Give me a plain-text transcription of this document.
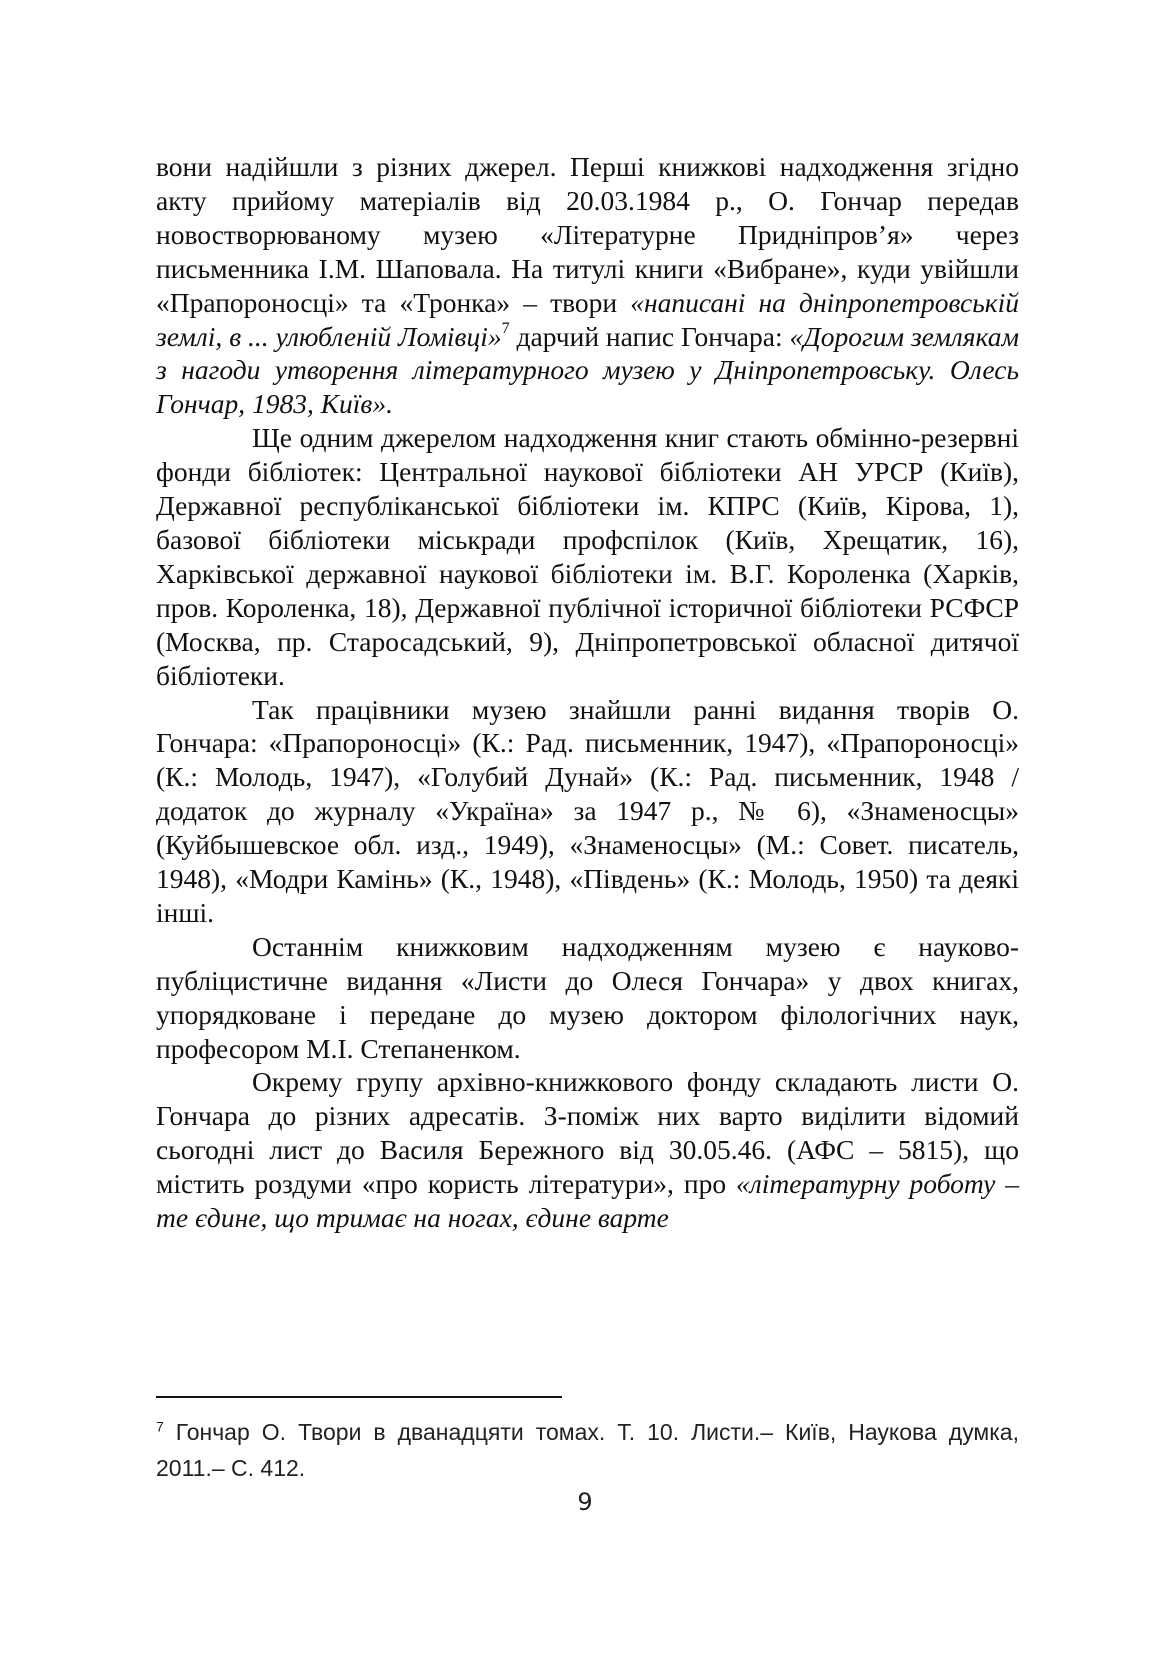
вони надійшли з різних джерел. Перші книжкові надходження згідно акту прийому матеріалів від 20.03.1984 р., О. Гончар передав новостворюваному музею «Літературне Придніпров’я» через письменника І.М. Шаповала. На титулі книги «Вибране», куди увійшли «Прапороносці» та «Тронка» – твори «написані на дніпропетровській землі, в ... улюбленій Ломівці»$^7$ дарчий напис Гончара: «Дорогим землякам з нагоди утворення літературного музею у Дніпропетровську. Олесь Гончар, 1983, Київ».

Ще одним джерелом надходження книг стають обмінно-резервні фонди бібліотек: Центральної наукової бібліотеки АН УРСР (Київ), Державної республіканської бібліотеки ім. КПРС (Київ, Кірова, 1), базової бібліотеки міськради профспілок (Київ, Хрещатик, 16), Харківської державної наукової бібліотеки ім. В.Г. Короленка (Харків, пров. Короленка, 18), Державної публічної історичної бібліотеки РСФСР (Москва, пр. Старосадський, 9), Дніпропетровської обласної дитячої бібліотеки.

Так працівники музею знайшли ранні видання творів О. Гончара: «Прапороносці» (К.: Рад. письменник, 1947), «Прапороносці» (К.: Молодь, 1947), «Голубий Дунай» (К.: Рад. письменник, 1948 / додаток до журналу «Україна» за 1947 р., № 6), «Знаменосцы» (Куйбышевское обл. изд., 1949), «Знаменосцы» (М.: Совет. писатель, 1948), «Модри Камінь» (К., 1948), «Південь» (К.: Молодь, 1950) та деякі інші.

Останнім книжковим надходженням музею є науково-публіцистичне видання «Листи до Олеся Гончара» у двох книгах, упорядковане і передане до музею доктором філологічних наук, професором М.І. Степаненком.

Окрему групу архівно-книжкового фонду складають листи О. Гончара до різних адресатів. З-поміж них варто виділити відомий сьогодні лист до Василя Бережного від 30.05.46. (АФС – 5815), що містить роздуми «про користь літератури», про «літературну роботу – те єдине, що тримає на ногах, єдине варте

$^7$ Гончар О. Твори в дванадцяти томах. Т. 10. Листи.– Київ, Наукова думка, 2011.– С. 412.
9
